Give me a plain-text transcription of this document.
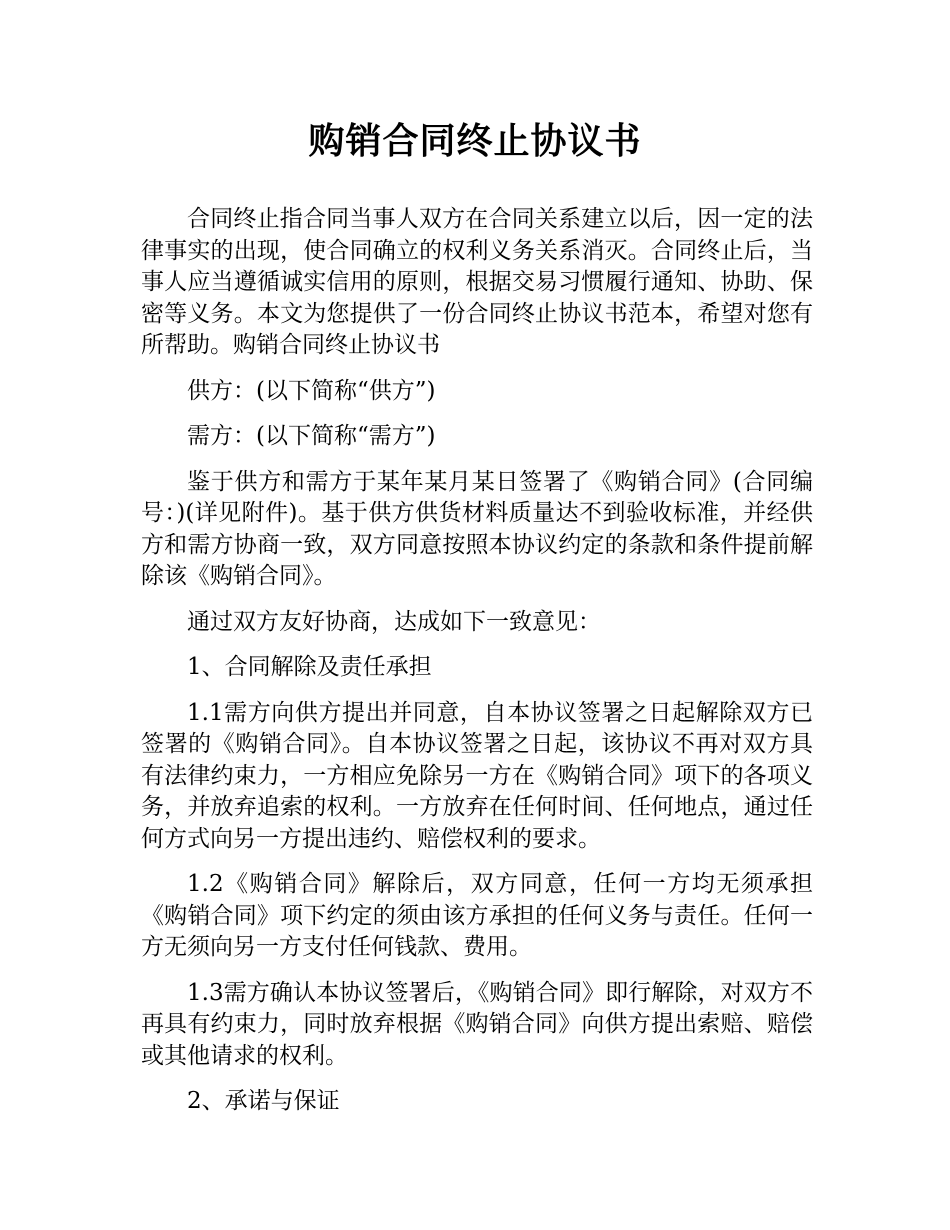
购销合同终止协议书

合同终止指合同当事人双方在合同关系建立以后，因一定的法律事实的出现，使合同确立的权利义务关系消灭。合同终止后，当事人应当遵循诚实信用的原则，根据交易习惯履行通知、协助、保密等义务。本文为您提供了一份合同终止协议书范本，希望对您有所帮助。购销合同终止协议书

供方：(以下简称“供方”)

需方：(以下简称“需方”)

鉴于供方和需方于某年某月某日签署了《购销合同》(合同编号：)(详见附件)。基于供方供货材料质量达不到验收标准，并经供方和需方协商一致，双方同意按照本协议约定的条款和条件提前解除该《购销合同》。

通过双方友好协商，达成如下一致意见：

1、合同解除及责任承担

1.1需方向供方提出并同意，自本协议签署之日起解除双方已签署的《购销合同》。自本协议签署之日起，该协议不再对双方具有法律约束力，一方相应免除另一方在《购销合同》项下的各项义务，并放弃追索的权利。一方放弃在任何时间、任何地点，通过任何方式向另一方提出违约、赔偿权利的要求。

1.2《购销合同》解除后，双方同意，任何一方均无须承担《购销合同》项下约定的须由该方承担的任何义务与责任。任何一方无须向另一方支付任何钱款、费用。

1.3需方确认本协议签署后，《购销合同》即行解除，对双方不再具有约束力，同时放弃根据《购销合同》向供方提出索赔、赔偿或其他请求的权利。

2、承诺与保证
